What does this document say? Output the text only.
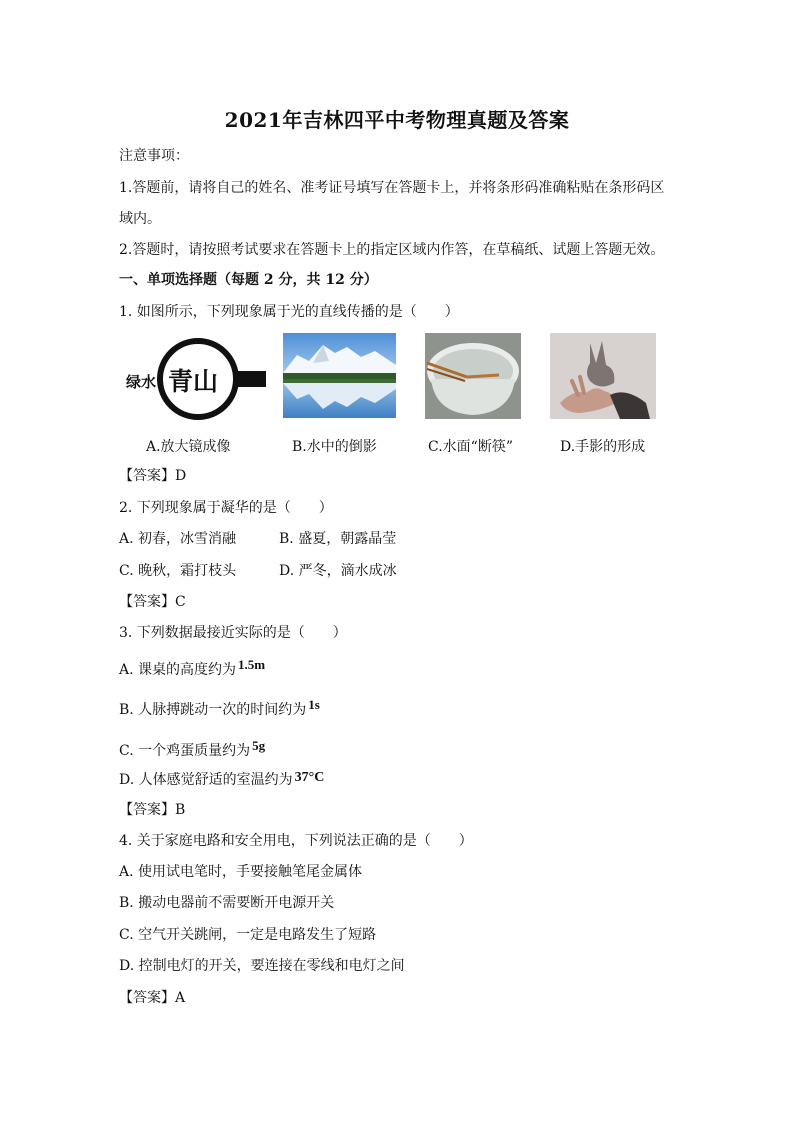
2021年吉林四平中考物理真题及答案
注意事项：
1.答题前，请将自己的姓名、准考证号填写在答题卡上，并将条形码准确粘贴在条形码区
域内。
2.答题时，请按照考试要求在答题卡上的指定区域内作答，在草稿纸、试题上答题无效。
一、单项选择题（每题 2 分，共 12 分）
1. 如图所示，下列现象属于光的直线传播的是（　　）
绿水 青山
A.放大镜成像	B.水中的倒影	C.水面“断筷”	D.手影的形成
【答案】D
2. 下列现象属于凝华的是（　　）
A. 初春，冰雪消融	B. 盛夏，朝露晶莹
C. 晚秋，霜打枝头	D. 严冬，滴水成冰
【答案】C
3. 下列数据最接近实际的是（　　）
A. 课桌的高度约为 1.5m
B. 人脉搏跳动一次的时间约为 1s
C. 一个鸡蛋质量约为 5g
D. 人体感觉舒适的室温约为 37°C
【答案】B
4. 关于家庭电路和安全用电，下列说法正确的是（　　）
A. 使用试电笔时，手要接触笔尾金属体
B. 搬动电器前不需要断开电源开关
C. 空气开关跳闸，一定是电路发生了短路
D. 控制电灯的开关，要连接在零线和电灯之间
【答案】A
